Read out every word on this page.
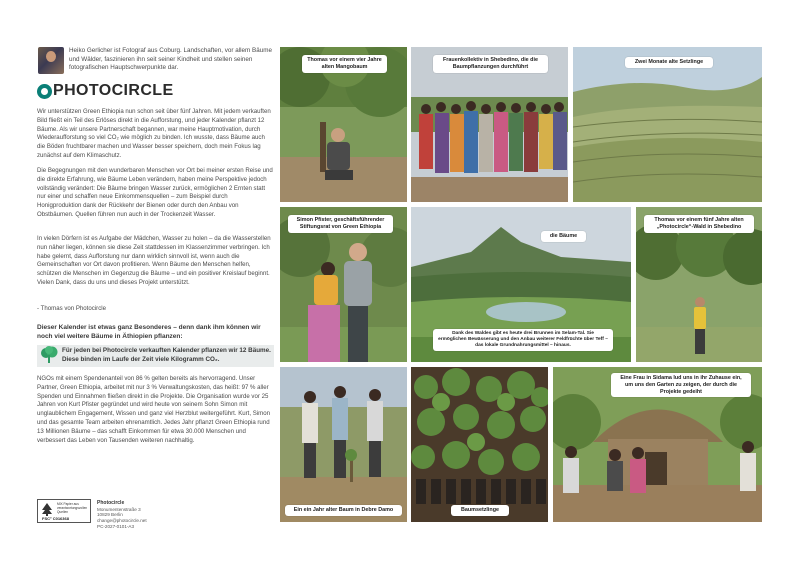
Heiko Gerlicher ist Fotograf aus Coburg. Landschaften, vor allem Bäume und Wälder, faszinieren ihn seit seiner Kindheit und stellen seinen fotografischen Hauptschwerpunkte dar.
PHOTOCIRCLE

Wir unterstützen Green Ethiopia nun schon seit über fünf Jahren. Mit jedem verkauften Bild fließt ein Teil des Erlöses direkt in die Aufforstung, und jeder Kalender pflanzt 12 Bäume. Als wir unsere Partnerschaft begannen, war meine Hauptmotivation, durch Wiederaufforstung so viel CO₂ wie möglich zu binden. Ich wusste, dass Bäume auch die Böden fruchtbarer machen und Wasser besser speichern, doch mein Fokus lag zunächst auf dem Klimaschutz.

Die Begegnungen mit den wunderbaren Menschen vor Ort bei meiner ersten Reise und die direkte Erfahrung, wie Bäume Leben verändern, haben meine Perspektive jedoch vollständig verändert: Die Bäume bringen Wasser zurück, ermöglichen 2 Ernten statt nur einer und schaffen neue Einkommensquellen – zum Beispiel durch Honigproduktion dank der Rückkehr der Bienen oder durch den Anbau von Obstbäumen. Quellen führen nun auch in der Trockenzeit Wasser.

In vielen Dörfern ist es Aufgabe der Mädchen, Wasser zu holen – da die Wasserstellen nun näher liegen, können sie diese Zeit stattdessen im Klassenzimmer verbringen. Ich habe gelernt, dass Aufforstung nur dann wirklich sinnvoll ist, wenn auch die Gemeinschaften vor Ort davon profitieren. Wenn Bäume den Menschen helfen, schützen die Menschen im Gegenzug die Bäume – und ein positiver Kreislauf beginnt. Vielen Dank, dass du uns und dieses Projekt unterstützt.

- Thomas von Photocircle
Dieser Kalender ist etwas ganz Besonderes – denn dank ihm können wir noch viel weitere Bäume in Äthiopien pflanzen:
Für jeden bei Photocircle verkauften Kalender pflanzen wir 12 Bäume. Diese binden im Laufe der Zeit viele Kilogramm CO₂.

NGOs mit einem Spendenanteil von 86 % gelten bereits als hervorragend. Unser Partner, Green Ethiopia, arbeitet mit nur 3 % Verwaltungskosten, das heißt: 97 % aller Spenden und Einnahmen fließen direkt in die Projekte. Die Organisation wurde vor 25 Jahren von Kurt Pfister gegründet und wird heute von seinem Sohn Simon mit unglaublichem Engagement, Wissen und ganz viel Herzblut weitergeführt. Kurt, Simon und das gesamte Team arbeiten ehrenamtlich. Jedes Jahr pflanzt Green Ethiopia rund 13 Millionen Bäume – das schafft Einkommen für etwa 30.000 Menschen und verbessert das Leben von Tausenden weiteren nachhaltig.

MIX Papier aus verantwortungsvollen Quellen
FSC° C016368
Photocircle
Monumentenstraße 3
10829 Berlin
change@photocircle.net
PC-2027-0101-A3
Thomas vor einem vier Jahre alten Mangobaum
Frauenkollektiv in Shebedino, die die Baumpflanzungen durchführt
Zwei Monate alte Setzlinge
Simon Pfister, geschäftsführender Stiftungsrat von Green Ethiopia
die Bäume
Dank des Waldes gibt es heute drei Brunnen im Selam-Tal. Sie ermöglichen Bewässerung und den Anbau weiterer Feldfrüchte über Teff – das lokale Grundnahrungsmittel – hinaus.
Thomas vor einem fünf Jahre alten „Photocircle“-Wald in Shebedino
Ein ein Jahr alter Baum in Debre Damo	Baumsetzlinge
Eine Frau in Sidama lud uns in ihr Zuhause ein, um uns den Garten zu zeigen, der durch die Projekte gedeiht
